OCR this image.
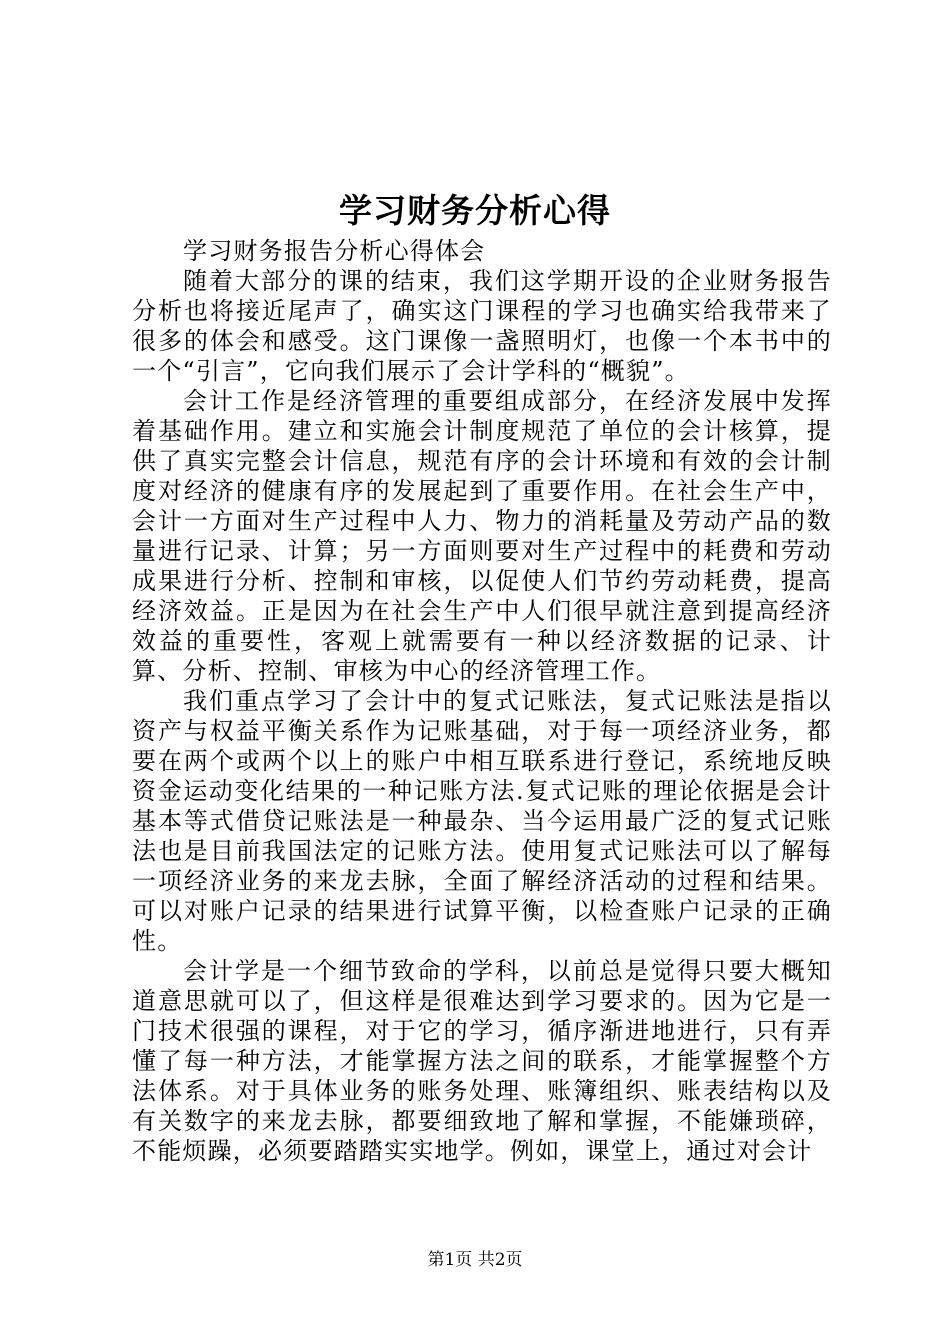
学习财务分析心得

学习财务报告分析心得体会

随着大部分的课的结束，我们这学期开设的企业财务报告分析也将接近尾声了，确实这门课程的学习也确实给我带来了很多的体会和感受。这门课像一盏照明灯，也像一个本书中的一个“引言”，它向我们展示了会计学科的“概貌”。

会计工作是经济管理的重要组成部分，在经济发展中发挥着基础作用。建立和实施会计制度规范了单位的会计核算，提供了真实完整会计信息，规范有序的会计环境和有效的会计制度对经济的健康有序的发展起到了重要作用。在社会生产中，会计一方面对生产过程中人力、物力的消耗量及劳动产品的数量进行记录、计算；另一方面则要对生产过程中的耗费和劳动成果进行分析、控制和审核，以促使人们节约劳动耗费，提高经济效益。正是因为在社会生产中人们很早就注意到提高经济效益的重要性，客观上就需要有一种以经济数据的记录、计算、分析、控制、审核为中心的经济管理工作。

我们重点学习了会计中的复式记账法，复式记账法是指以资产与权益平衡关系作为记账基础，对于每一项经济业务，都要在两个或两个以上的账户中相互联系进行登记，系统地反映资金运动变化结果的一种记账方法.复式记账的理论依据是会计基本等式借贷记账法是一种最杂、当今运用最广泛的复式记账法也是目前我国法定的记账方法。使用复式记账法可以了解每一项经济业务的来龙去脉，全面了解经济活动的过程和结果。可以对账户记录的结果进行试算平衡，以检查账户记录的正确性。

会计学是一个细节致命的学科，以前总是觉得只要大概知道意思就可以了，但这样是很难达到学习要求的。因为它是一门技术很强的课程，对于它的学习，循序渐进地进行，只有弄懂了每一种方法，才能掌握方法之间的联系，才能掌握整个方法体系。对于具体业务的账务处理、账簿组织、账表结构以及有关数字的来龙去脉，都要细致地了解和掌握，不能嫌琐碎，不能烦躁，必须要踏踏实实地学。例如，课堂上，通过对会计

第1页 共2页
